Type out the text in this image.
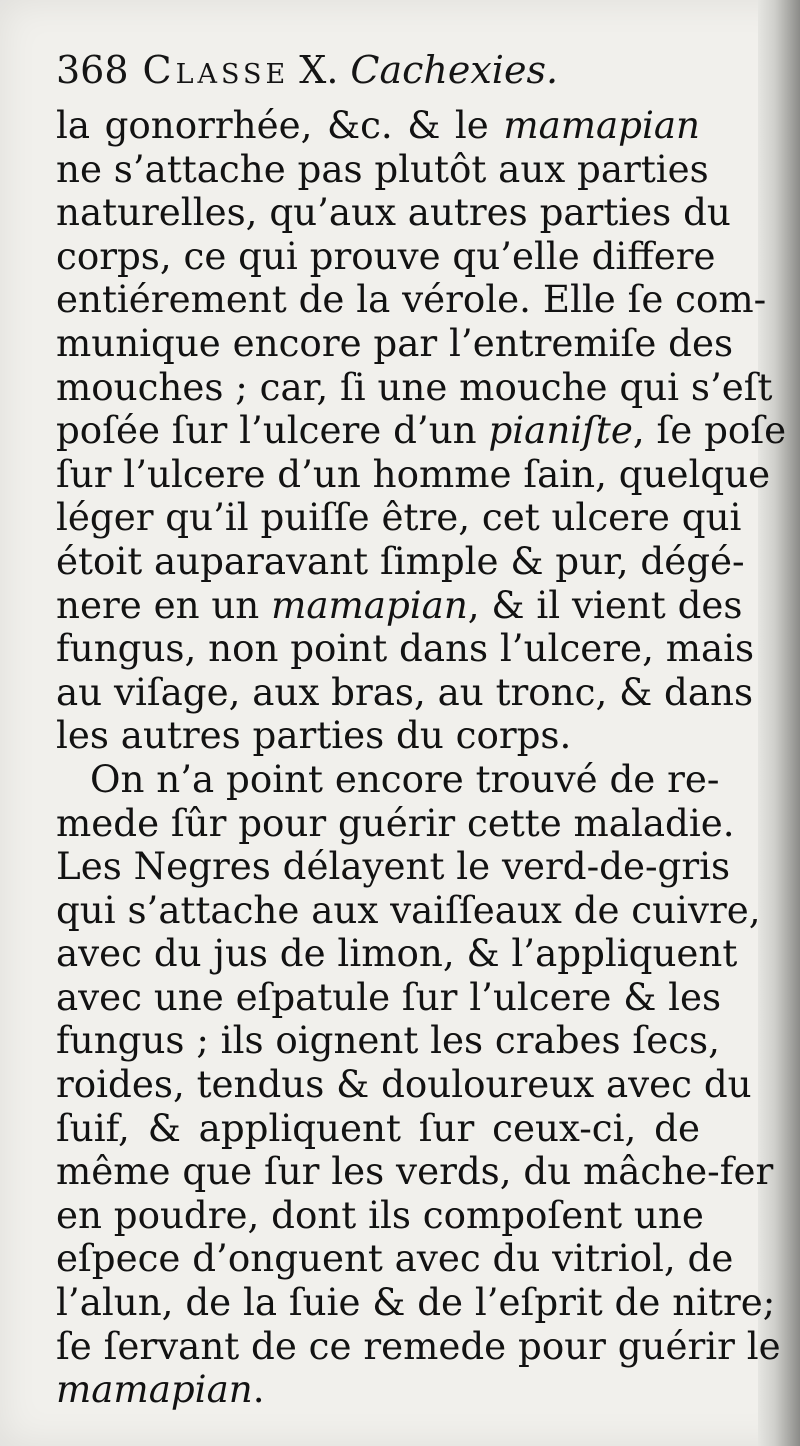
368 Classe X. Cachexies.
la gonorrhée, &c. & le mamapian
ne s’attache pas plutôt aux parties
naturelles, qu’aux autres parties du
corps, ce qui prouve qu’elle differe
entiérement de la vérole. Elle ſe com-
munique encore par l’entremiſe des
mouches ; car, ſi une mouche qui s’eſt
poſée ſur l’ulcere d’un pianiſte, ſe poſe
ſur l’ulcere d’un homme ſain, quelque
léger qu’il puiſſe être, cet ulcere qui
étoit auparavant ſimple & pur, dégé-
nere en un mamapian, & il vient des
fungus, non point dans l’ulcere, mais
au viſage, aux bras, au tronc, & dans
les autres parties du corps.
On n’a point encore trouvé de re-
mede ſûr pour guérir cette maladie.
Les Negres délayent le verd-de-gris
qui s’attache aux vaiſſeaux de cuivre,
avec du jus de limon, & l’appliquent
avec une eſpatule ſur l’ulcere & les
fungus ; ils oignent les crabes ſecs,
roides, tendus & douloureux avec du
ſuif, & appliquent ſur ceux-ci, de
même que ſur les verds, du mâche-fer
en poudre, dont ils compoſent une
eſpece d’onguent avec du vitriol, de
l’alun, de la ſuie & de l’eſprit de nitre;
ſe ſervant de ce remede pour guérir le
mamapian.
